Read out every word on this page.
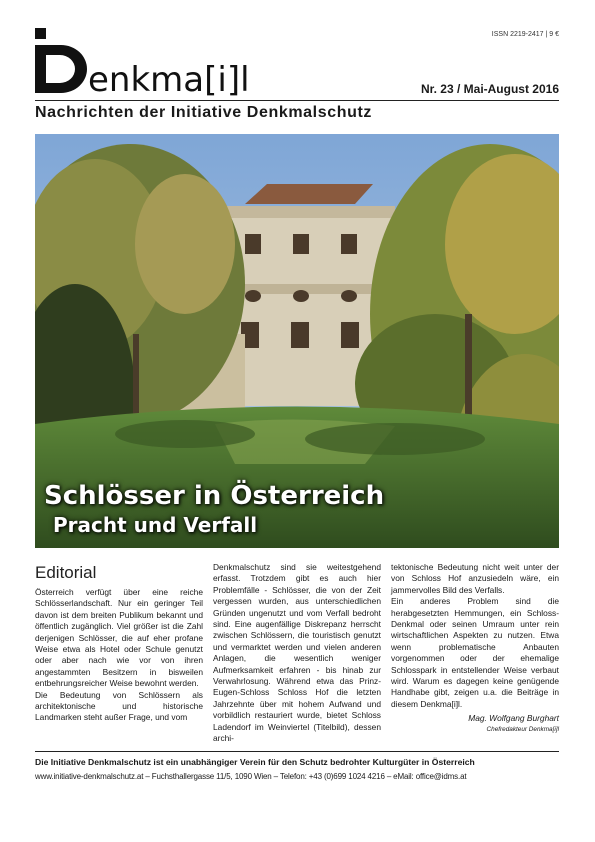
enkma[i]l
ISSN 2219-2417 | 9 €
Nr. 23 / Mai-August 2016
Nachrichten der Initiative Denkmalschutz
Schlösser in Österreich
Pracht und Verfall
Editorial

Österreich verfügt über eine reiche Schlösserlandschaft. Nur ein geringer Teil davon ist dem breiten Publikum bekannt und öffentlich zugänglich. Viel größer ist die Zahl derjenigen Schlösser, die auf eher profane Weise etwa als Hotel oder Schule genutzt oder aber nach wie vor von ihren angestammten Besitzern in bisweilen entbehrungsreicher Weise bewohnt werden.

Die Bedeutung von Schlössern als architektonische und historische Landmarken steht außer Frage, und vom

Denkmalschutz sind sie weitestgehend erfasst. Trotzdem gibt es auch hier Problemfälle - Schlösser, die von der Zeit vergessen wurden, aus unterschiedlichen Gründen ungenutzt und vom Verfall bedroht sind. Eine augenfällige Diskrepanz herrscht zwischen Schlössern, die touristisch genutzt und vermarktet werden und vielen anderen Anlagen, die wesentlich weniger Aufmerksamkeit erfahren - bis hinab zur Verwahrlosung. Während etwa das Prinz-Eugen-Schloss Schloss Hof die letzten Jahrzehnte über mit hohem Aufwand und vorbildlich restauriert wurde, bietet Schloss Ladendorf im Weinviertel (Titelbild), dessen archi-

tektonische Bedeutung nicht weit unter der von Schloss Hof anzusiedeln wäre, ein jammervolles Bild des Verfalls.

Ein anderes Problem sind die herabgesetzten Hemmungen, ein Schloss-Denkmal oder seinen Umraum unter rein wirtschaftlichen Aspekten zu nutzen. Etwa wenn problematische Anbauten vorgenommen oder der ehemalige Schlosspark in entstellender Weise verbaut wird. Warum es dagegen keine genügende Handhabe gibt, zeigen u.a. die Beiträge in diesem Denkma[i]l.

Mag. Wolfgang Burghart
Chefredakteur Denkma[i]l
Die Initiative Denkmalschutz ist ein unabhängiger Verein für den Schutz bedrohter Kulturgüter in Österreich
www.initiative-denkmalschutz.at – Fuchsthallergasse 11/5, 1090 Wien – Telefon: +43 (0)699 1024 4216 – eMail: office@idms.at
